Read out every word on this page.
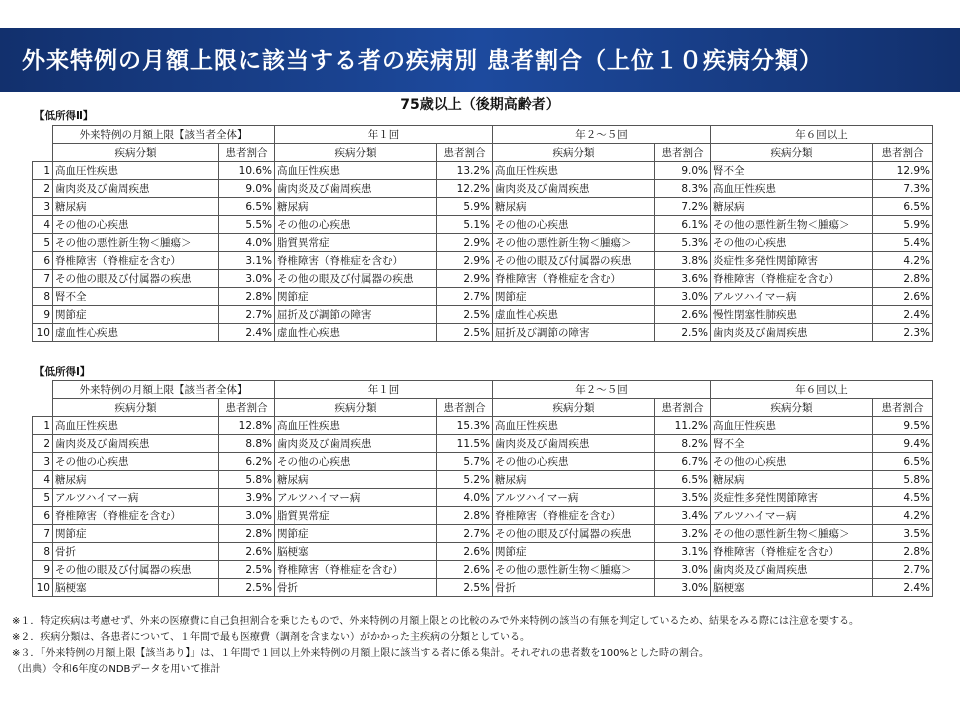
外来特例の月額上限に該当する者の疾病別 患者割合（上位１０疾病分類）
75歳以上（後期高齢者）
【低所得Ⅱ】
	外来特例の月額上限【該当者全体】		年１回		年２～５回		年６回以上	
	疾病分類	患者割合	疾病分類	患者割合	疾病分類	患者割合	疾病分類	患者割合
1	高血圧性疾患	10.6%	高血圧性疾患	13.2%	高血圧性疾患	9.0%	腎不全	12.9%
2	歯肉炎及び歯周疾患	9.0%	歯肉炎及び歯周疾患	12.2%	歯肉炎及び歯周疾患	8.3%	高血圧性疾患	7.3%
3	糖尿病	6.5%	糖尿病	5.9%	糖尿病	7.2%	糖尿病	6.5%
4	その他の心疾患	5.5%	その他の心疾患	5.1%	その他の心疾患	6.1%	その他の悪性新生物＜腫瘍＞	5.9%
5	その他の悪性新生物＜腫瘍＞	4.0%	脂質異常症	2.9%	その他の悪性新生物＜腫瘍＞	5.3%	その他の心疾患	5.4%
6	脊椎障害（脊椎症を含む）	3.1%	脊椎障害（脊椎症を含む）	2.9%	その他の眼及び付属器の疾患	3.8%	炎症性多発性関節障害	4.2%
7	その他の眼及び付属器の疾患	3.0%	その他の眼及び付属器の疾患	2.9%	脊椎障害（脊椎症を含む）	3.6%	脊椎障害（脊椎症を含む）	2.8%
8	腎不全	2.8%	関節症	2.7%	関節症	3.0%	アルツハイマー病	2.6%
9	関節症	2.7%	屈折及び調節の障害	2.5%	虚血性心疾患	2.6%	慢性閉塞性肺疾患	2.4%
10	虚血性心疾患	2.4%	虚血性心疾患	2.5%	屈折及び調節の障害	2.5%	歯肉炎及び歯周疾患	2.3%
【低所得Ⅰ】
	外来特例の月額上限【該当者全体】		年１回		年２～５回		年６回以上	
	疾病分類	患者割合	疾病分類	患者割合	疾病分類	患者割合	疾病分類	患者割合
1	高血圧性疾患	12.8%	高血圧性疾患	15.3%	高血圧性疾患	11.2%	高血圧性疾患	9.5%
2	歯肉炎及び歯周疾患	8.8%	歯肉炎及び歯周疾患	11.5%	歯肉炎及び歯周疾患	8.2%	腎不全	9.4%
3	その他の心疾患	6.2%	その他の心疾患	5.7%	その他の心疾患	6.7%	その他の心疾患	6.5%
4	糖尿病	5.8%	糖尿病	5.2%	糖尿病	6.5%	糖尿病	5.8%
5	アルツハイマー病	3.9%	アルツハイマー病	4.0%	アルツハイマー病	3.5%	炎症性多発性関節障害	4.5%
6	脊椎障害（脊椎症を含む）	3.0%	脂質異常症	2.8%	脊椎障害（脊椎症を含む）	3.4%	アルツハイマー病	4.2%
7	関節症	2.8%	関節症	2.7%	その他の眼及び付属器の疾患	3.2%	その他の悪性新生物＜腫瘍＞	3.5%
8	骨折	2.6%	脳梗塞	2.6%	関節症	3.1%	脊椎障害（脊椎症を含む）	2.8%
9	その他の眼及び付属器の疾患	2.5%	脊椎障害（脊椎症を含む）	2.6%	その他の悪性新生物＜腫瘍＞	3.0%	歯肉炎及び歯周疾患	2.7%
10	脳梗塞	2.5%	骨折	2.5%	骨折	3.0%	脳梗塞	2.4%
※１．特定疾病は考慮せず、外来の医療費に自己負担割合を乗じたもので、外来特例の月額上限との比較のみで外来特例の該当の有無を判定しているため、結果をみる際には注意を要する。
※２．疾病分類は、各患者について、１年間で最も医療費（調剤を含まない）がかかった主疾病の分類としている。
※３．「外来特例の月額上限【該当あり】」は、１年間で１回以上外来特例の月額上限に該当する者に係る集計。それぞれの患者数を100%とした時の割合。
（出典）令和6年度のNDBデータを用いて推計
